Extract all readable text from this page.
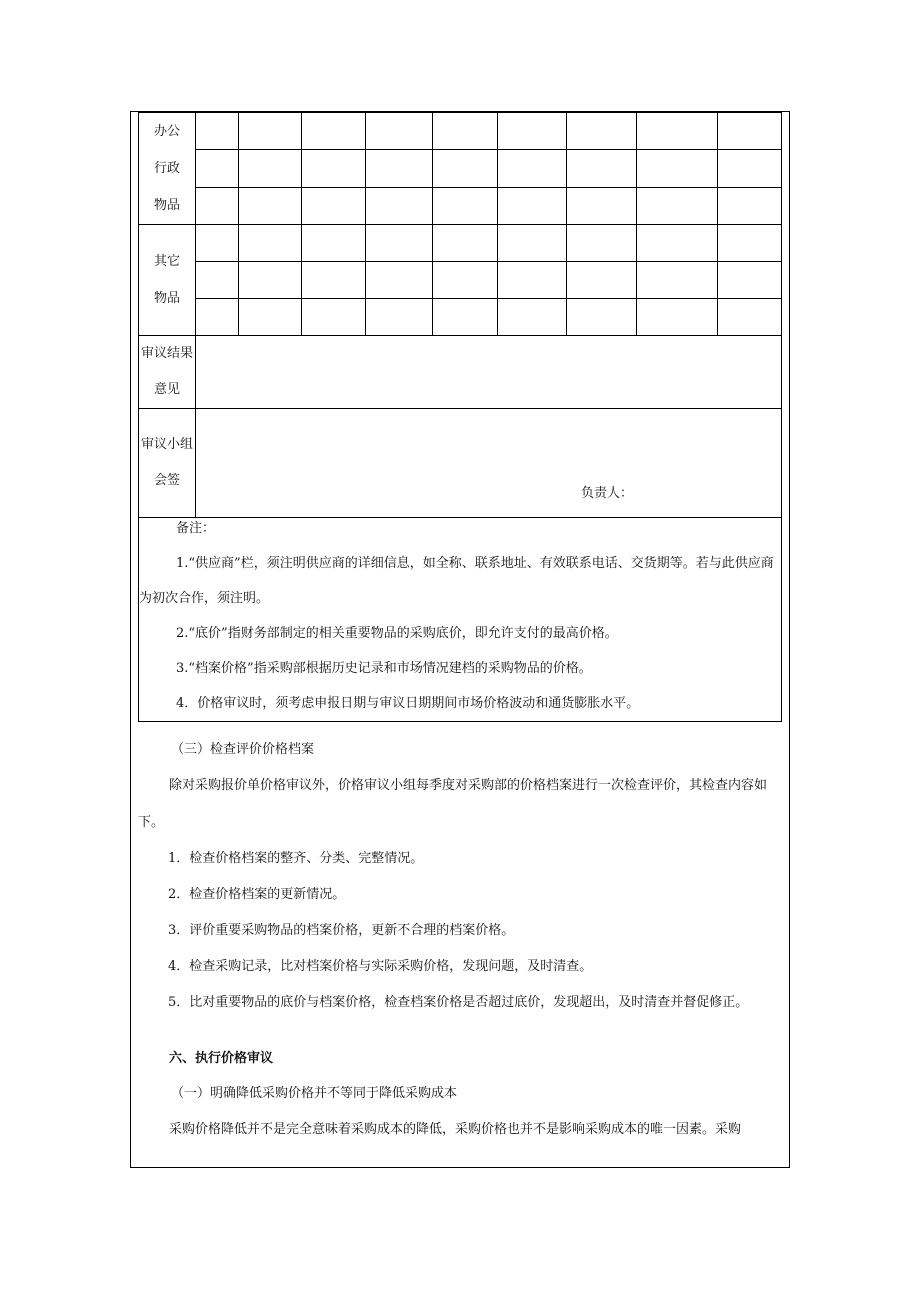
办公
行政
物品									

其它
物品									

审议结果
意见									

审议小组
会签	负责人：								

备注：

1.“供应商”栏，须注明供应商的详细信息，如全称、联系地址、有效联系电话、交货期等。若与此供应商为初次合作，须注明。

2.“底价”指财务部制定的相关重要物品的采购底价，即允许支付的最高价格。

3.“档案价格”指采购部根据历史记录和市场情况建档的采购物品的价格。

4．价格审议时，须考虑申报日期与审议日期期间市场价格波动和通货膨胀水平。									

（三）检查评价价格档案

除对采购报价单价格审议外，价格审议小组每季度对采购部的价格档案进行一次检查评价，其检查内容如下。

1．检查价格档案的整齐、分类、完整情况。

2．检查价格档案的更新情况。

3．评价重要采购物品的档案价格，更新不合理的档案价格。

4．检查采购记录，比对档案价格与实际采购价格，发现问题，及时清查。

5．比对重要物品的底价与档案价格，检查档案价格是否超过底价，发现超出，及时清查并督促修正。

六、执行价格审议

（一）明确降低采购价格并不等同于降低采购成本

采购价格降低并不是完全意味着采购成本的降低，采购价格也并不是影响采购成本的唯一因素。采购
